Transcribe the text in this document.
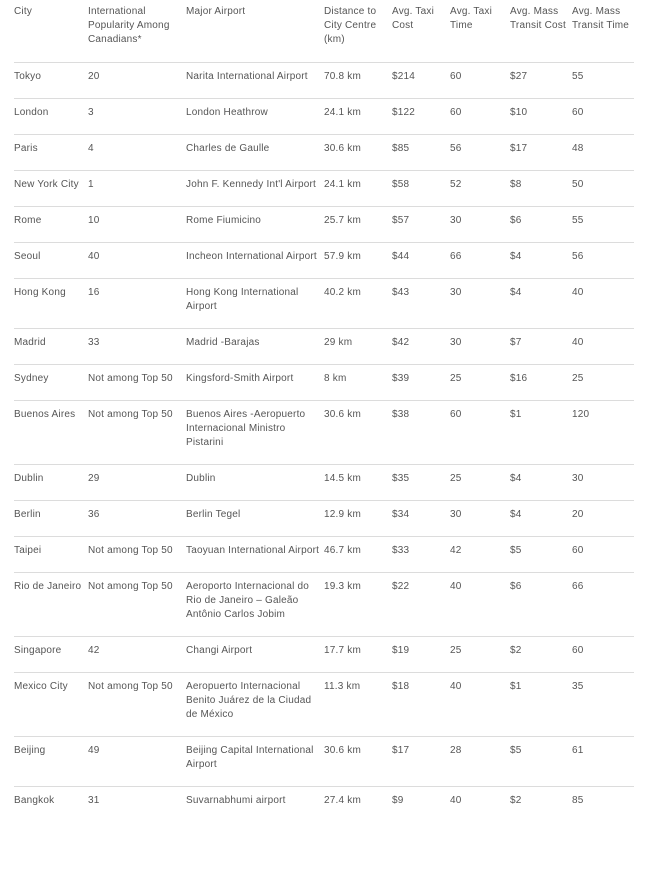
City	International Popularity Among Canadians*	Major Airport	Distance to City Centre (km)	Avg. Taxi Cost	Avg. Taxi Time	Avg. Mass Transit Cost	Avg. Mass Transit Time
Tokyo	20	Narita International Airport	70.8 km	$214	60	$27	55
London	3	London Heathrow	24.1 km	$122	60	$10	60
Paris	4	Charles de Gaulle	30.6 km	$85	56	$17	48
New York City	1	John F. Kennedy Int'l Airport	24.1 km	$58	52	$8	50
Rome	10	Rome Fiumicino	25.7 km	$57	30	$6	55
Seoul	40	Incheon International Airport	57.9 km	$44	66	$4	56
Hong Kong	16	Hong Kong International Airport	40.2 km	$43	30	$4	40
Madrid	33	Madrid -Barajas	29 km	$42	30	$7	40
Sydney	Not among Top 50	Kingsford-Smith Airport	8 km	$39	25	$16	25
Buenos Aires	Not among Top 50	Buenos Aires -Aeropuerto Internacional Ministro Pistarini	30.6 km	$38	60	$1	120
Dublin	29	Dublin	14.5 km	$35	25	$4	30
Berlin	36	Berlin Tegel	12.9 km	$34	30	$4	20
Taipei	Not among Top 50	Taoyuan International Airport	46.7 km	$33	42	$5	60
Rio de Janeiro	Not among Top 50	Aeroporto Internacional do Rio de Janeiro – Galeão Antônio Carlos Jobim	19.3 km	$22	40	$6	66
Singapore	42	Changi Airport	17.7 km	$19	25	$2	60
Mexico City	Not among Top 50	Aeropuerto Internacional Benito Juárez de la Ciudad de México	11.3 km	$18	40	$1	35
Beijing	49	Beijing Capital International Airport	30.6 km	$17	28	$5	61
Bangkok	31	Suvarnabhumi airport	27.4 km	$9	40	$2	85
